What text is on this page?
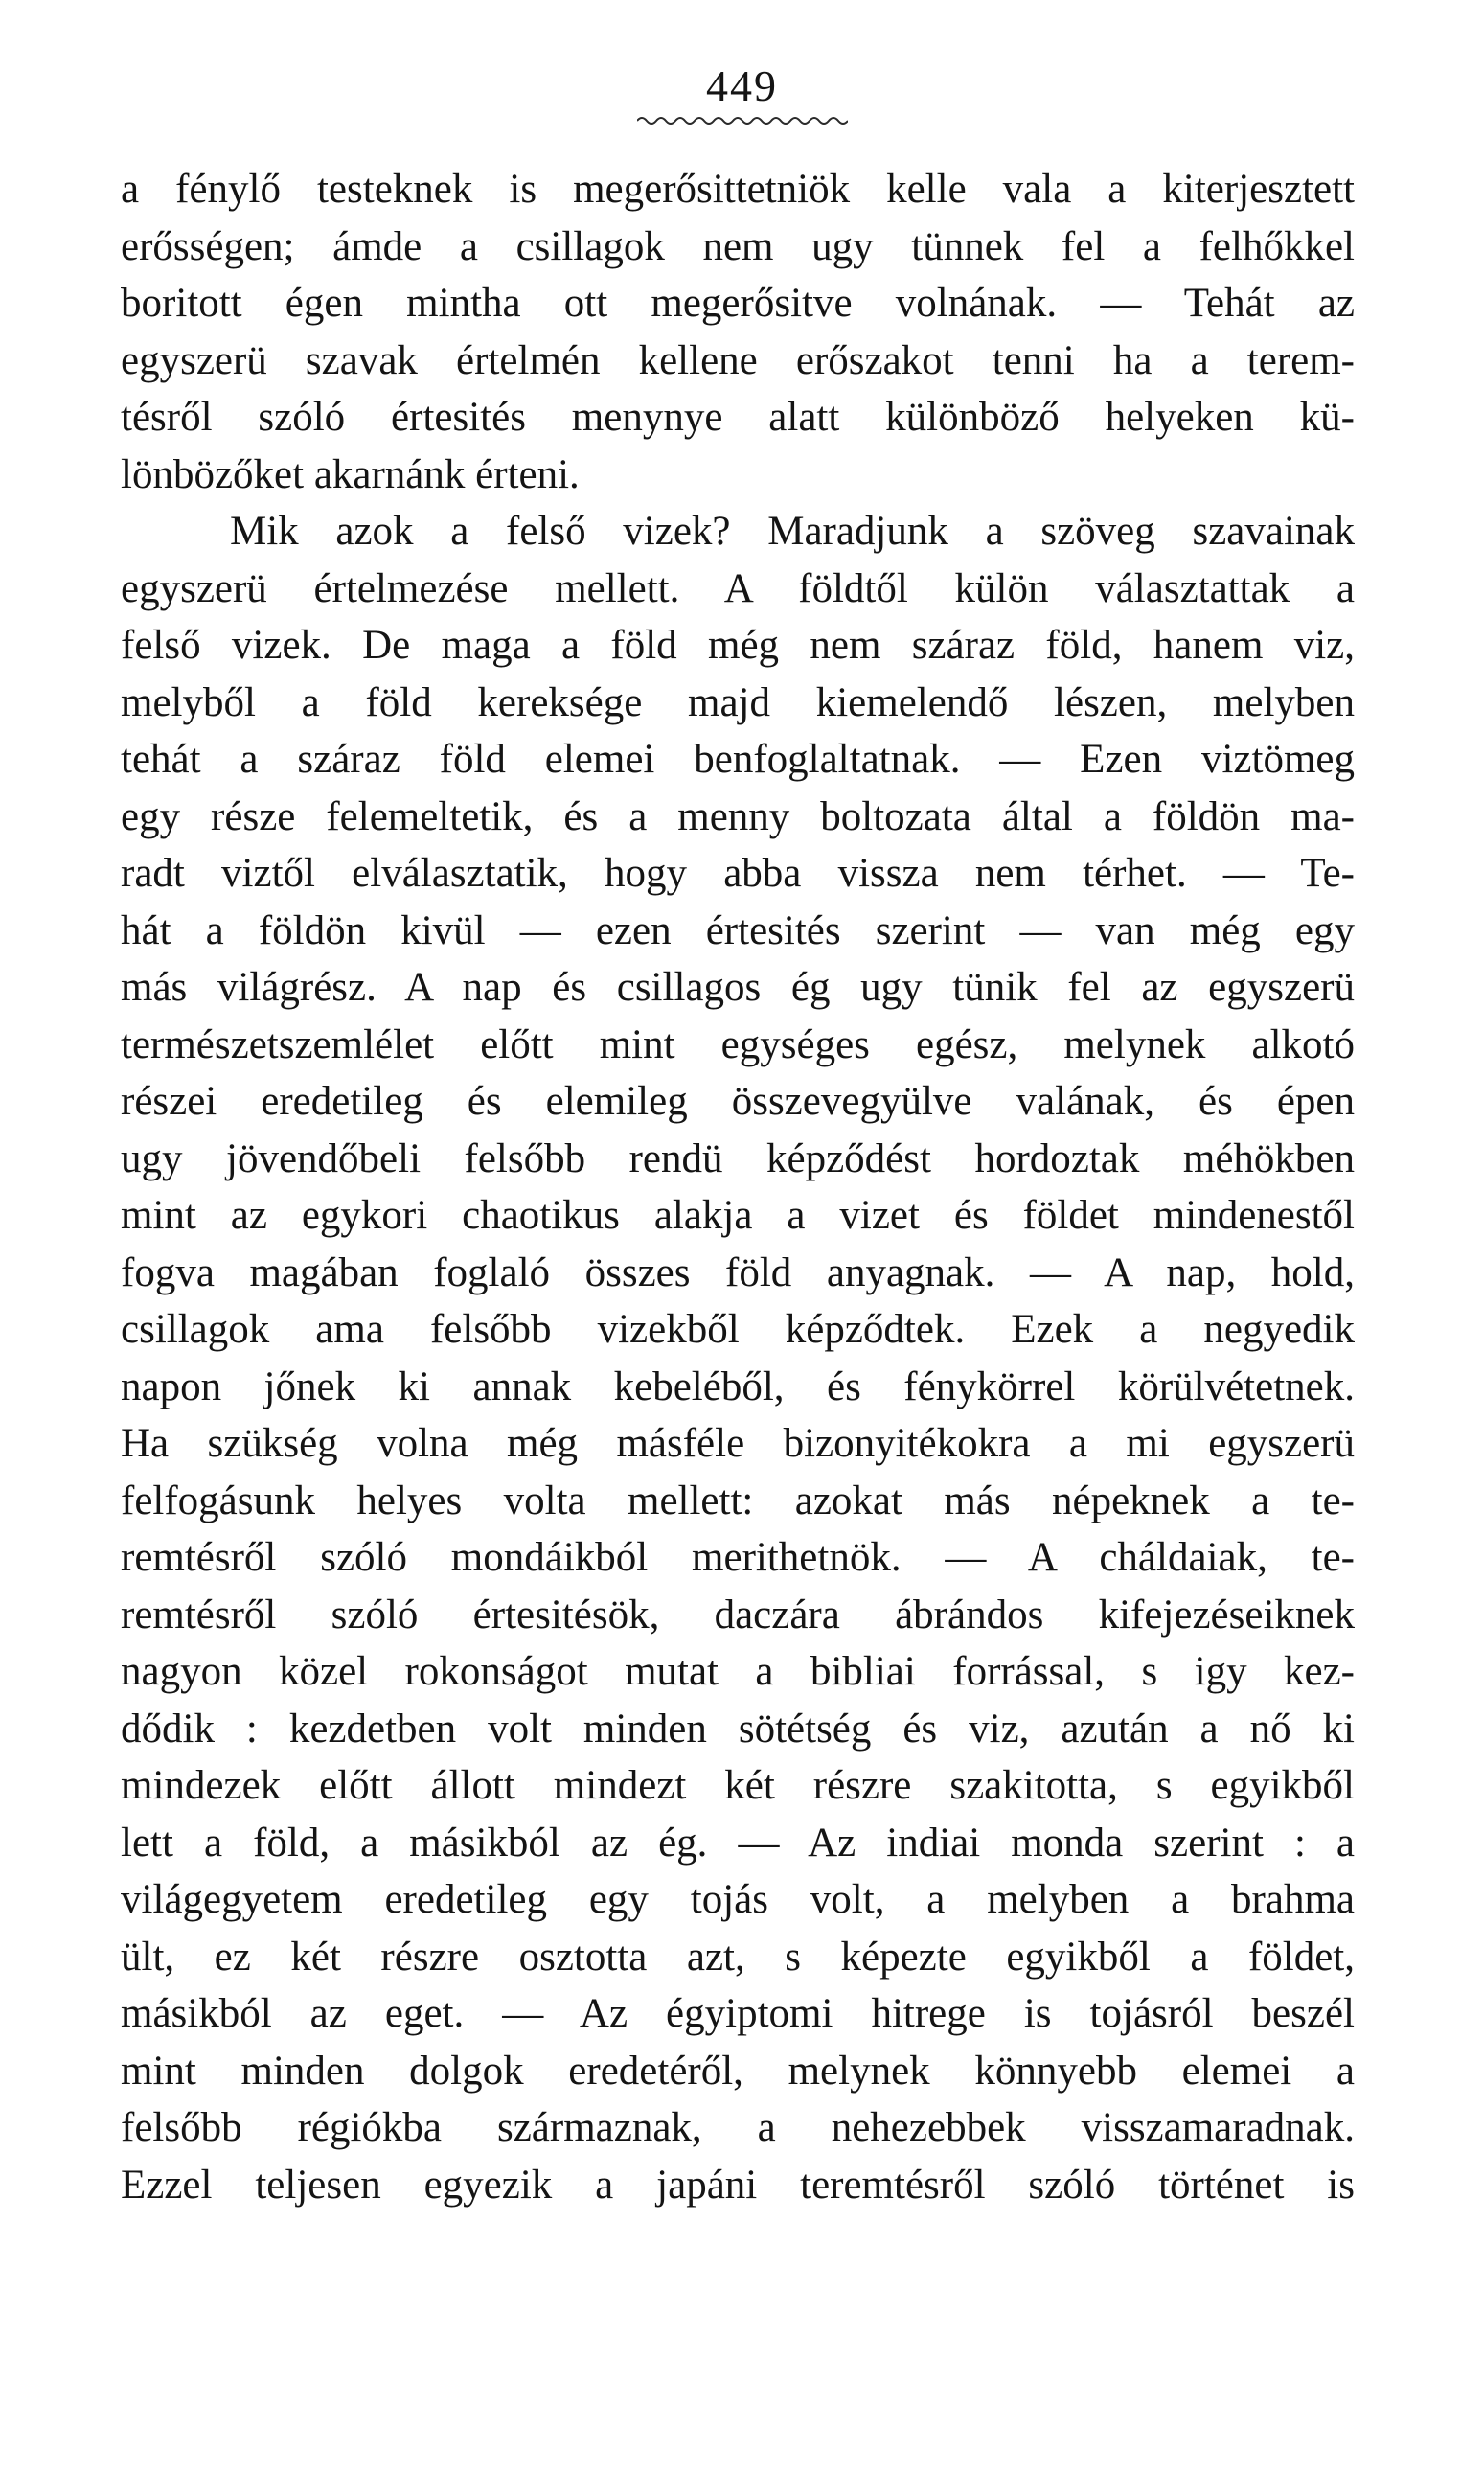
449
a fénylő testeknek is megerősittetniök kelle vala a kiterjesztett
erősségen; ámde a csillagok nem ugy tünnek fel a felhőkkel
boritott égen mintha ott megerősitve volnának. — Tehát az
egyszerü szavak értelmén kellene erőszakot tenni ha a terem-
tésről szóló értesités menynye alatt különböző helyeken kü-
lönbözőket akarnánk érteni.
Mik azok a felső vizek? Maradjunk a szöveg szavainak
egyszerü értelmezése mellett. A földtől külön választattak a
felső vizek. De maga a föld még nem száraz föld, hanem viz,
melyből a föld kereksége majd kiemelendő lészen, melyben
tehát a száraz föld elemei benfoglaltatnak. — Ezen viztömeg
egy része felemeltetik, és a menny boltozata által a földön ma-
radt viztől elválasztatik, hogy abba vissza nem térhet. — Te-
hát a földön kivül — ezen értesités szerint — van még egy
más világrész. A nap és csillagos ég ugy tünik fel az egyszerü
természetszemlélet előtt mint egységes egész, melynek alkotó
részei eredetileg és elemileg összevegyülve valának, és épen
ugy jövendőbeli felsőbb rendü képződést hordoztak méhökben
mint az egykori chaotikus alakja a vizet és földet mindenestől
fogva magában foglaló összes föld anyagnak. — A nap, hold,
csillagok ama felsőbb vizekből képződtek. Ezek a negyedik
napon jőnek ki annak kebeléből, és fénykörrel körülvétetnek.
Ha szükség volna még másféle bizonyitékokra a mi egyszerü
felfogásunk helyes volta mellett: azokat más népeknek a te-
remtésről szóló mondáikból merithetnök. — A cháldaiak, te-
remtésről szóló értesitésök, daczára ábrándos kifejezéseiknek
nagyon közel rokonságot mutat a bibliai forrással, s igy kez-
dődik : kezdetben volt minden sötétség és viz, azután a nő ki
mindezek előtt állott mindezt két részre szakitotta, s egyikből
lett a föld, a másikból az ég. — Az indiai monda szerint : a
világegyetem eredetileg egy tojás volt, a melyben a brahma
ült, ez két részre osztotta azt, s képezte egyikből a földet,
másikból az eget. — Az égyiptomi hitrege is tojásról beszél
mint minden dolgok eredetéről, melynek könnyebb elemei a
felsőbb régiókba származnak, a nehezebbek visszamaradnak.
Ezzel teljesen egyezik a japáni teremtésről szóló történet is
